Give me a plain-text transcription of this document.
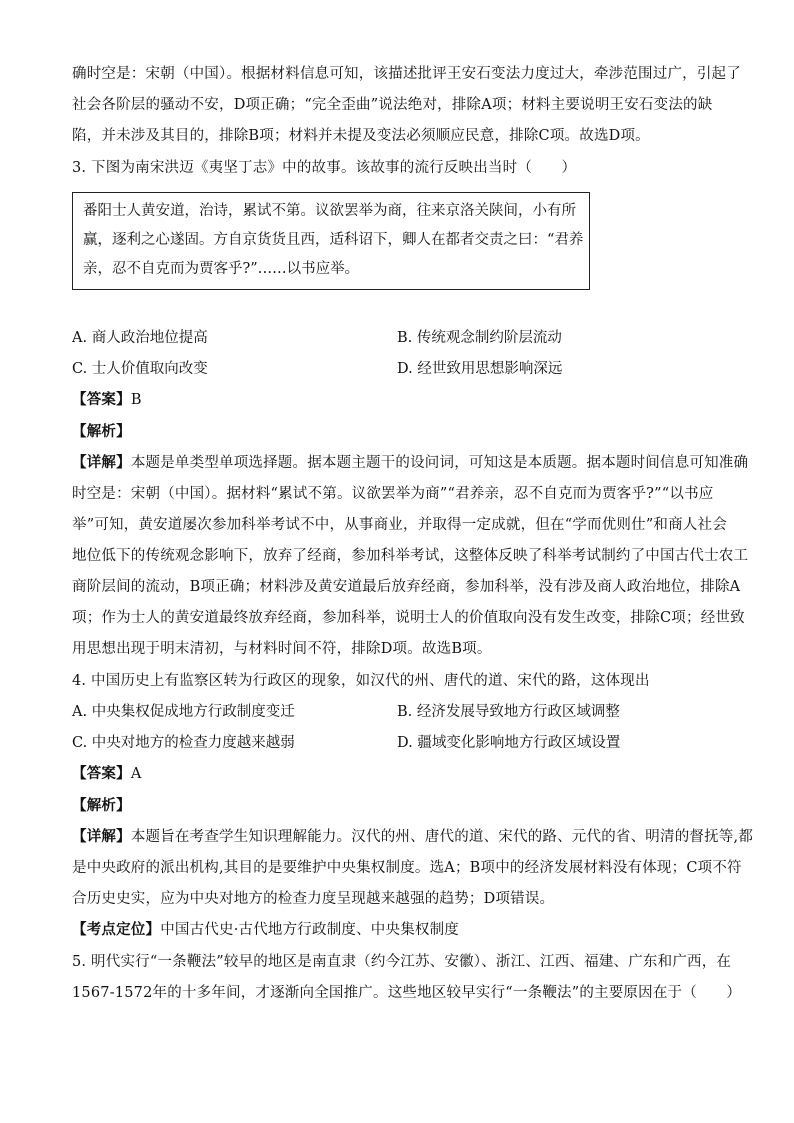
确时空是：宋朝（中国）。根据材料信息可知，该描述批评王安石变法力度过大，牵涉范围过广，引起了
社会各阶层的骚动不安，D项正确；“完全歪曲”说法绝对，排除A项；材料主要说明王安石变法的缺
陷，并未涉及其目的，排除B项；材料并未提及变法必须顺应民意，排除C项。故选D项。
3. 下图为南宋洪迈《夷坚丁志》中的故事。该故事的流行反映出当时（　　）
番阳士人黄安道，治诗，累试不第。议欲罢举为商，往来京洛关陕间，小有所
赢，逐利之心遂固。方自京货货且西，适科诏下，卿人在都者交责之曰：“君养
亲，忍不自克而为贾客乎?”……以书应举。
A. 商人政治地位提高	B. 传统观念制约阶层流动
C. 士人价值取向改变	D. 经世致用思想影响深远
【答案】B
【解析】
【详解】本题是单类型单项选择题。据本题主题干的设问词，可知这是本质题。据本题时间信息可知准确
时空是：宋朝（中国）。据材料“累试不第。议欲罢举为商”“君养亲，忍不自克而为贾客乎?”“以书应
举”可知，黄安道屡次参加科举考试不中，从事商业，并取得一定成就，但在“学而优则仕”和商人社会
地位低下的传统观念影响下，放弃了经商，参加科举考试，这整体反映了科举考试制约了中国古代士农工
商阶层间的流动，B项正确；材料涉及黄安道最后放弃经商，参加科举，没有涉及商人政治地位，排除A
项；作为士人的黄安道最终放弃经商，参加科举，说明士人的价值取向没有发生改变，排除C项；经世致
用思想出现于明末清初，与材料时间不符，排除D项。故选B项。
4. 中国历史上有监察区转为行政区的现象，如汉代的州、唐代的道、宋代的路，这体现出
A. 中央集权促成地方行政制度变迁	B. 经济发展导致地方行政区域调整
C. 中央对地方的检查力度越来越弱	D. 疆域变化影响地方行政区域设置
【答案】A
【解析】
【详解】本题旨在考查学生知识理解能力。汉代的州、唐代的道、宋代的路、元代的省、明清的督抚等,都
是中央政府的派出机构,其目的是要维护中央集权制度。选A；B项中的经济发展材料没有体现；C项不符
合历史史实，应为中央对地方的检查力度呈现越来越强的趋势；D项错误。
【考点定位】中国古代史·古代地方行政制度、中央集权制度
5. 明代实行“一条鞭法”较早的地区是南直隶（约今江苏、安徽）、浙江、江西、福建、广东和广西，在
1567-1572年的十多年间，才逐渐向全国推广。这些地区较早实行“一条鞭法”的主要原因在于（　　）
